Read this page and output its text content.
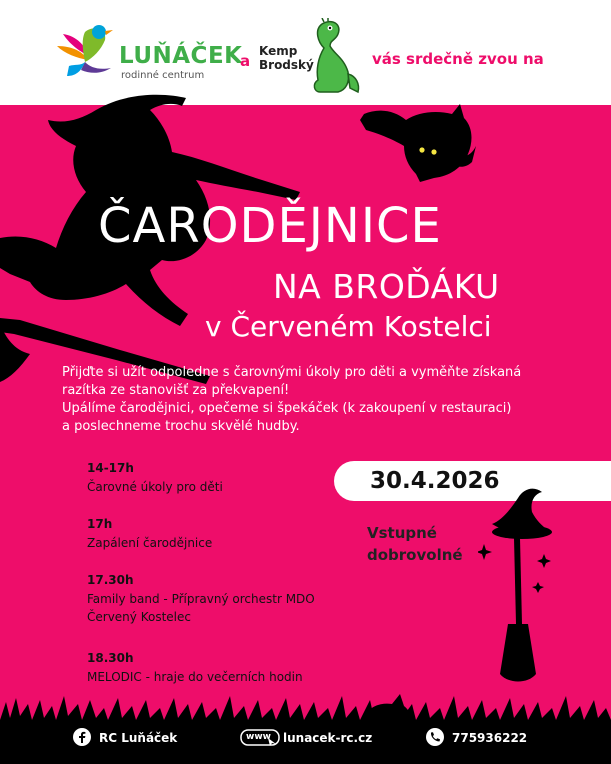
LUŇÁČEK
rodinné centrum
a
Kemp Brodský	vás srdečně zvou na
ČARODĚJNICE
NA BROĎÁKU
v Červeném Kostelci
Přijďte si užít odpoledne s čarovnými úkoly pro děti a vyměňte získaná
razítka ze stanovišť za překvapení!
Upálíme čarodějnici, opečeme si špekáček (k zakoupení v restauraci)
a poslechneme trochu skvělé hudby.
14-17h
Čarovné úkoly pro děti
17h
Zapálení čarodějnice
17.30h
Family band - Přípravný orchestr MDO
Červený Kostelec
18.30h
MELODIC - hraje do večerních hodin
30.4.2026
Vstupné dobrovolné
RC Luňáček	www lunacek-rc.cz	775936222
